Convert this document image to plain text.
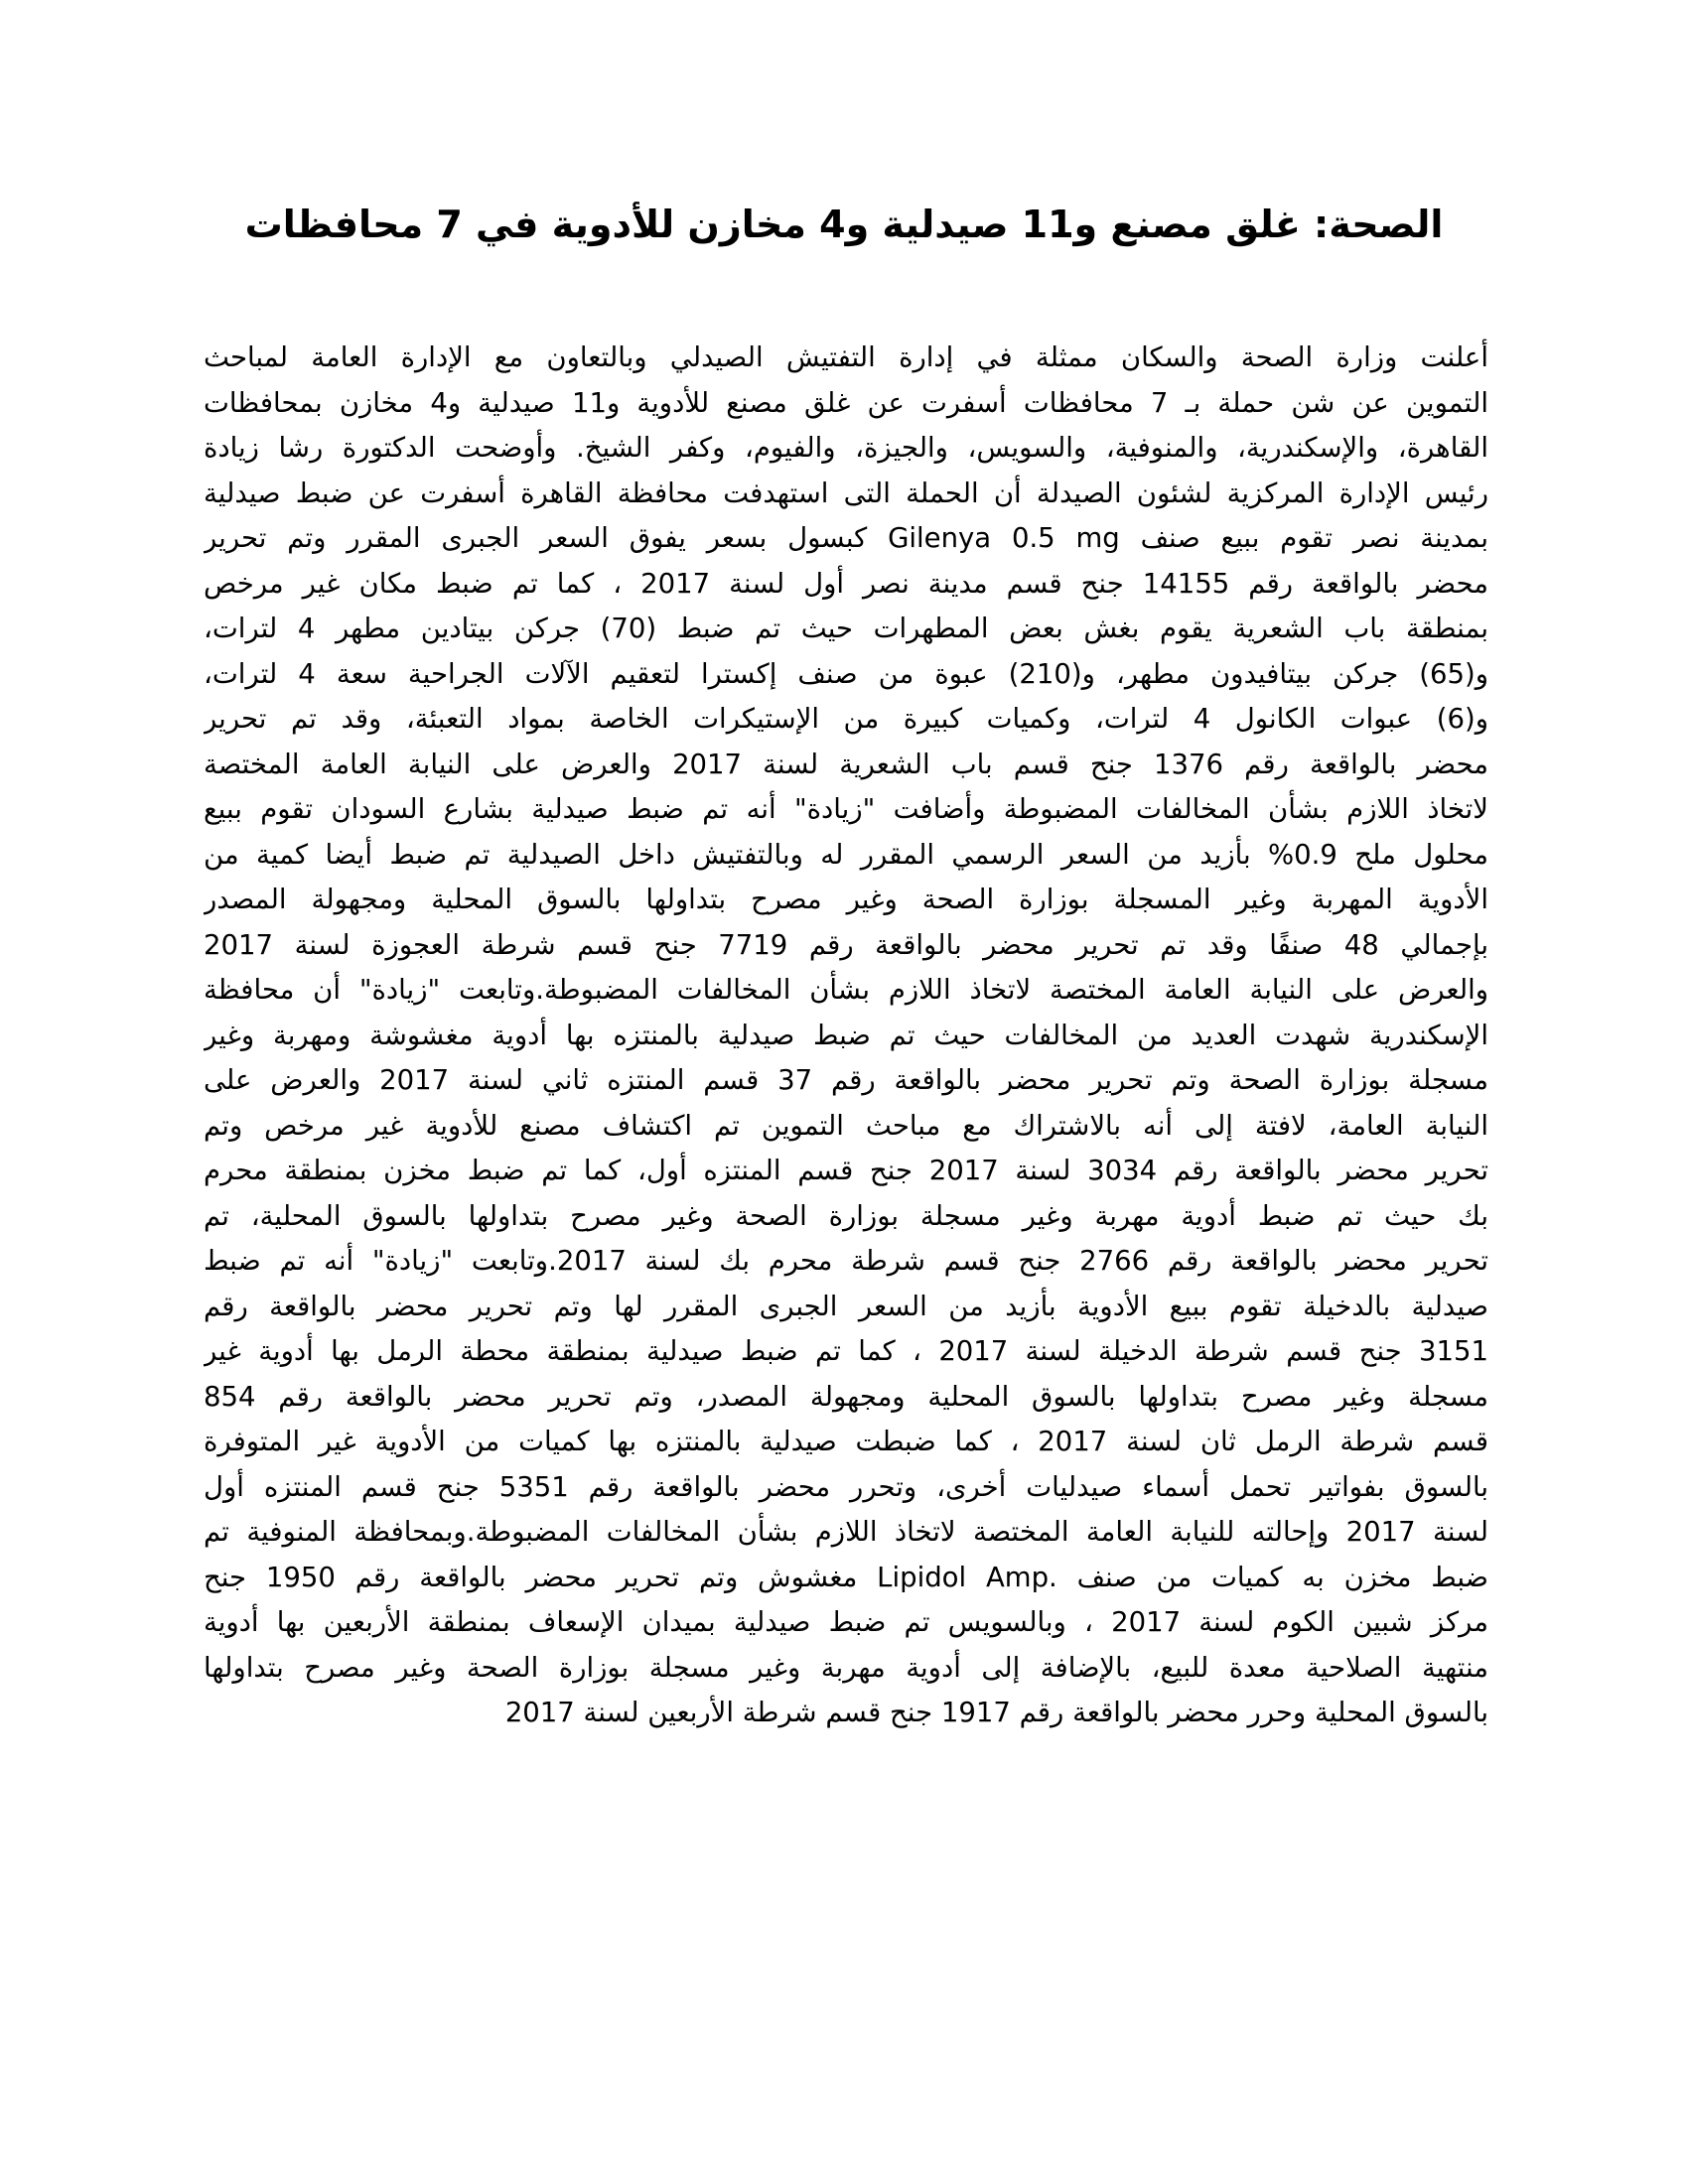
الصحة: غلق مصنع و11 صيدلية و4 مخازن للأدوية في 7 محافظات
أعلنت وزارة الصحة والسكان ممثلة في إدارة التفتيش الصيدلي وبالتعاون مع الإدارة العامة لمباحث
التموين عن شن حملة بـ 7 محافظات أسفرت عن غلق مصنع للأدوية و11 صيدلية و4 مخازن بمحافظات
القاهرة، والإسكندرية، والمنوفية، والسويس، والجيزة، والفيوم، وكفر الشيخ. وأوضحت الدكتورة رشا زيادة
رئيس الإدارة المركزية لشئون الصيدلة أن الحملة التى استهدفت محافظة القاهرة أسفرت عن ضبط صيدلية
بمدينة نصر تقوم ببيع صنف Gilenya 0.5 mg كبسول بسعر يفوق السعر الجبرى المقرر وتم تحرير
محضر بالواقعة رقم 14155 جنح قسم مدينة نصر أول لسنة 2017 ، كما تم ضبط مكان غير مرخص
بمنطقة باب الشعرية يقوم بغش بعض المطهرات حيث تم ضبط (70) جركن بيتادين مطهر 4 لترات،
و(65) جركن بيتافيدون مطهر، و(210) عبوة من صنف إكسترا لتعقيم الآلات الجراحية سعة 4 لترات،
و(6) عبوات الكانول 4 لترات، وكميات كبيرة من الإستيكرات الخاصة بمواد التعبئة، وقد تم تحرير
محضر بالواقعة رقم 1376 جنح قسم باب الشعرية لسنة 2017 والعرض على النيابة العامة المختصة
لاتخاذ اللازم بشأن المخالفات المضبوطة وأضافت "زيادة" أنه تم ضبط صيدلية بشارع السودان تقوم ببيع
محلول ملح 0.9% بأزيد من السعر الرسمي المقرر له وبالتفتيش داخل الصيدلية تم ضبط أيضا كمية من
الأدوية المهربة وغير المسجلة بوزارة الصحة وغير مصرح بتداولها بالسوق المحلية ومجهولة المصدر
بإجمالي 48 صنفًا وقد تم تحرير محضر بالواقعة رقم 7719 جنح قسم شرطة العجوزة لسنة 2017
والعرض على النيابة العامة المختصة لاتخاذ اللازم بشأن المخالفات المضبوطة.وتابعت "زيادة" أن محافظة
الإسكندرية شهدت العديد من المخالفات حيث تم ضبط صيدلية بالمنتزه بها أدوية مغشوشة ومهربة وغير
مسجلة بوزارة الصحة وتم تحرير محضر بالواقعة رقم 37 قسم المنتزه ثاني لسنة 2017 والعرض على
النيابة العامة، لافتة إلى أنه بالاشتراك مع مباحث التموين تم اكتشاف مصنع للأدوية غير مرخص وتم
تحرير محضر بالواقعة رقم 3034 لسنة 2017 جنح قسم المنتزه أول، كما تم ضبط مخزن بمنطقة محرم
بك حيث تم ضبط أدوية مهربة وغير مسجلة بوزارة الصحة وغير مصرح بتداولها بالسوق المحلية، تم
تحرير محضر بالواقعة رقم 2766 جنح قسم شرطة محرم بك لسنة 2017.وتابعت "زيادة" أنه تم ضبط
صيدلية بالدخيلة تقوم ببيع الأدوية بأزيد من السعر الجبرى المقرر لها وتم تحرير محضر بالواقعة رقم
3151 جنح قسم شرطة الدخيلة لسنة 2017 ، كما تم ضبط صيدلية بمنطقة محطة الرمل بها أدوية غير
مسجلة وغير مصرح بتداولها بالسوق المحلية ومجهولة المصدر، وتم تحرير محضر بالواقعة رقم 854
قسم شرطة الرمل ثان لسنة 2017 ، كما ضبطت صيدلية بالمنتزه بها كميات من الأدوية غير المتوفرة
بالسوق بفواتير تحمل أسماء صيدليات أخرى، وتحرر محضر بالواقعة رقم 5351 جنح قسم المنتزه أول
لسنة 2017 وإحالته للنيابة العامة المختصة لاتخاذ اللازم بشأن المخالفات المضبوطة.وبمحافظة المنوفية تم
ضبط مخزن به كميات من صنف .Lipidol Amp مغشوش وتم تحرير محضر بالواقعة رقم 1950 جنح
مركز شبين الكوم لسنة 2017 ، وبالسويس تم ضبط صيدلية بميدان الإسعاف بمنطقة الأربعين بها أدوية
منتهية الصلاحية معدة للبيع، بالإضافة إلى أدوية مهربة وغير مسجلة بوزارة الصحة وغير مصرح بتداولها
بالسوق المحلية وحرر محضر بالواقعة رقم 1917 جنح قسم شرطة الأربعين لسنة 2017
